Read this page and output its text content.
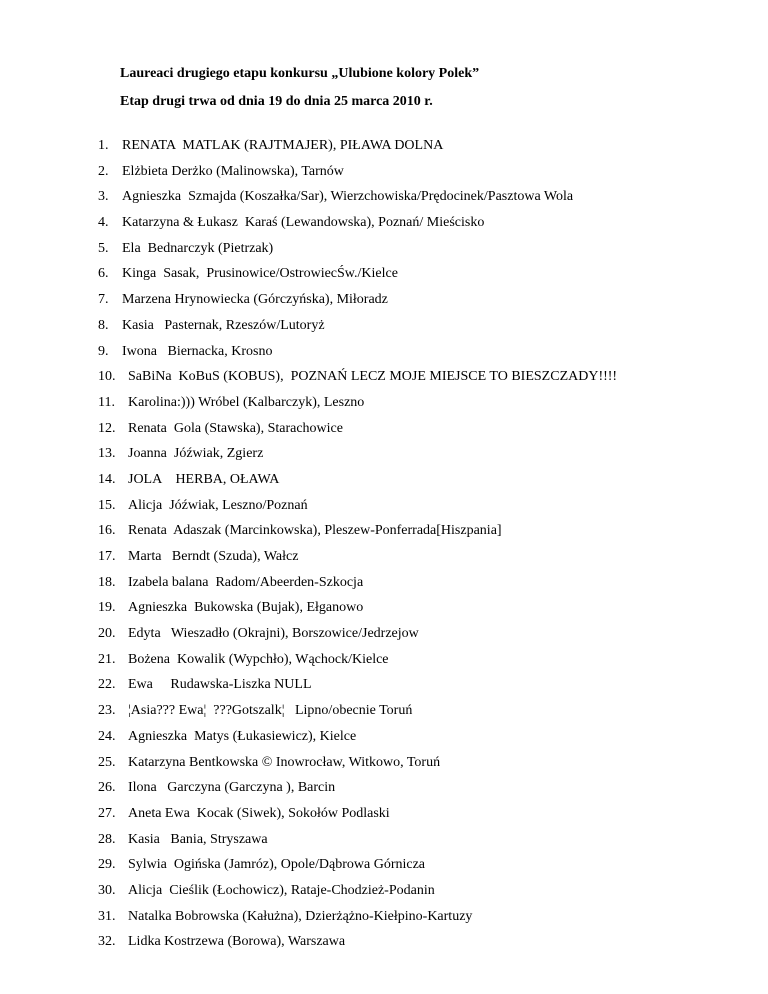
Laureaci drugiego etapu konkursu „Ulubione kolory Polek”
Etap drugi trwa od dnia 19 do dnia 25 marca 2010 r.
1. RENATA  MATLAK (RAJTMAJER), PIŁAWA DOLNA
2. Elżbieta Derżko (Malinowska), Tarnów
3. Agnieszka  Szmajda (Koszałka/Sar), Wierzchowiska/Prędocinek/Pasztowa Wola
4. Katarzyna & Łukasz  Karaś (Lewandowska), Poznań/ Mieścisko
5. Ela  Bednarczyk (Pietrzak)
6. Kinga  Sasak,  Prusinowice/OstrowiecŚw./Kielce
7. Marzena Hrynowiecka (Górczyńska), Miłoradz
8. Kasia   Pasternak, Rzeszów/Lutoryż
9. Iwona   Biernacka, Krosno
10. SaBiNa  KoBuS (KOBUS),  POZNAŃ LECZ MOJE MIEJSCE TO BIESZCZADY!!!!
11. Karolina:))) Wróbel (Kalbarczyk), Leszno
12. Renata  Gola (Stawska), Starachowice
13. Joanna  Jóźwiak, Zgierz
14. JOLA    HERBA, OŁAWA
15. Alicja  Jóźwiak, Leszno/Poznań
16. Renata  Adaszak (Marcinkowska), Pleszew-Ponferrada[Hiszpania]
17. Marta   Berndt (Szuda), Wałcz
18. Izabela balana  Radom/Abeerden-Szkocja
19. Agnieszka  Bukowska (Bujak), Ełganowo
20. Edyta   Wieszadło (Okrajni), Borszowice/Jedrzejow
21. Bożena  Kowalik (Wypchło), Wąchock/Kielce
22. Ewa     Rudawska-Liszka NULL
23. ¦Asia??? Ewa¦  ???Gotszalk¦   Lipno/obecnie Toruń
24. Agnieszka  Matys (Łukasiewicz), Kielce
25. Katarzyna Bentkowska © Inowrocław, Witkowo, Toruń
26. Ilona   Garczyna (Garczyna ), Barcin
27. Aneta Ewa  Kocak (Siwek), Sokołów Podlaski
28. Kasia   Bania, Stryszawa
29. Sylwia  Ogińska (Jamróz), Opole/Dąbrowa Górnicza
30. Alicja  Cieślik (Łochowicz), Rataje-Chodzież-Podanin
31. Natalka Bobrowska (Kałużna), Dzierżążno-Kiełpino-Kartuzy
32. Lidka Kostrzewa (Borowa), Warszawa
